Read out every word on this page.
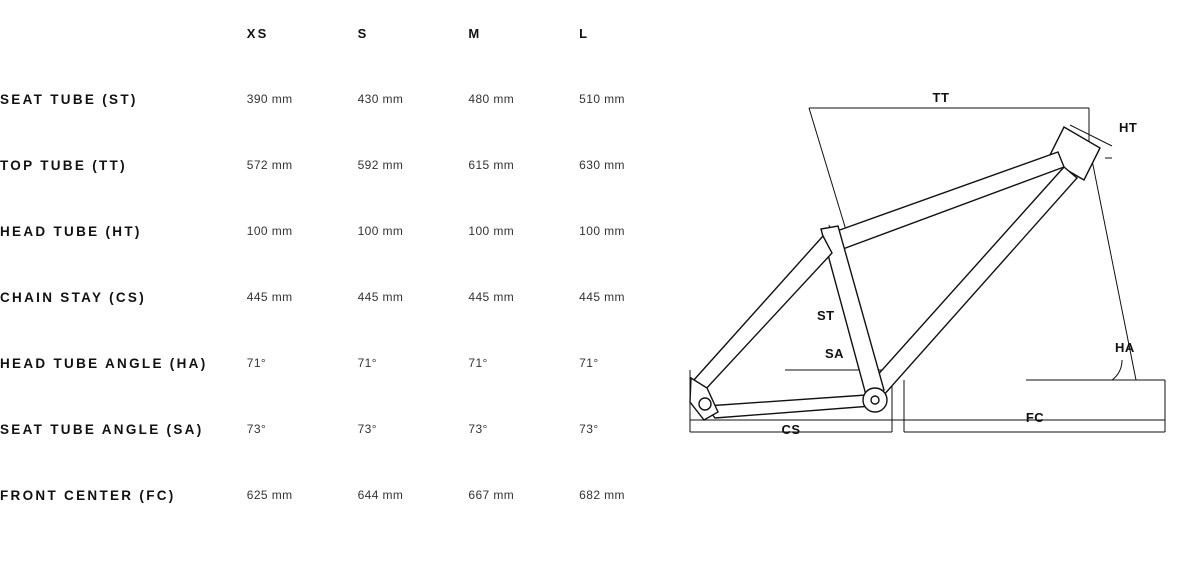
	XS	S	M	L
SEAT TUBE (ST)	390 mm	430 mm	480 mm	510 mm
TOP TUBE (TT)	572 mm	592 mm	615 mm	630 mm
HEAD TUBE (HT)	100 mm	100 mm	100 mm	100 mm
CHAIN STAY (CS)	445 mm	445 mm	445 mm	445 mm
HEAD TUBE ANGLE (HA)	71°	71°	71°	71°
SEAT TUBE ANGLE (SA)	73°	73°	73°	73°
FRONT CENTER (FC)	625 mm	644 mm	667 mm	682 mm
TT
HT
ST
SA	HA
CS
FC
